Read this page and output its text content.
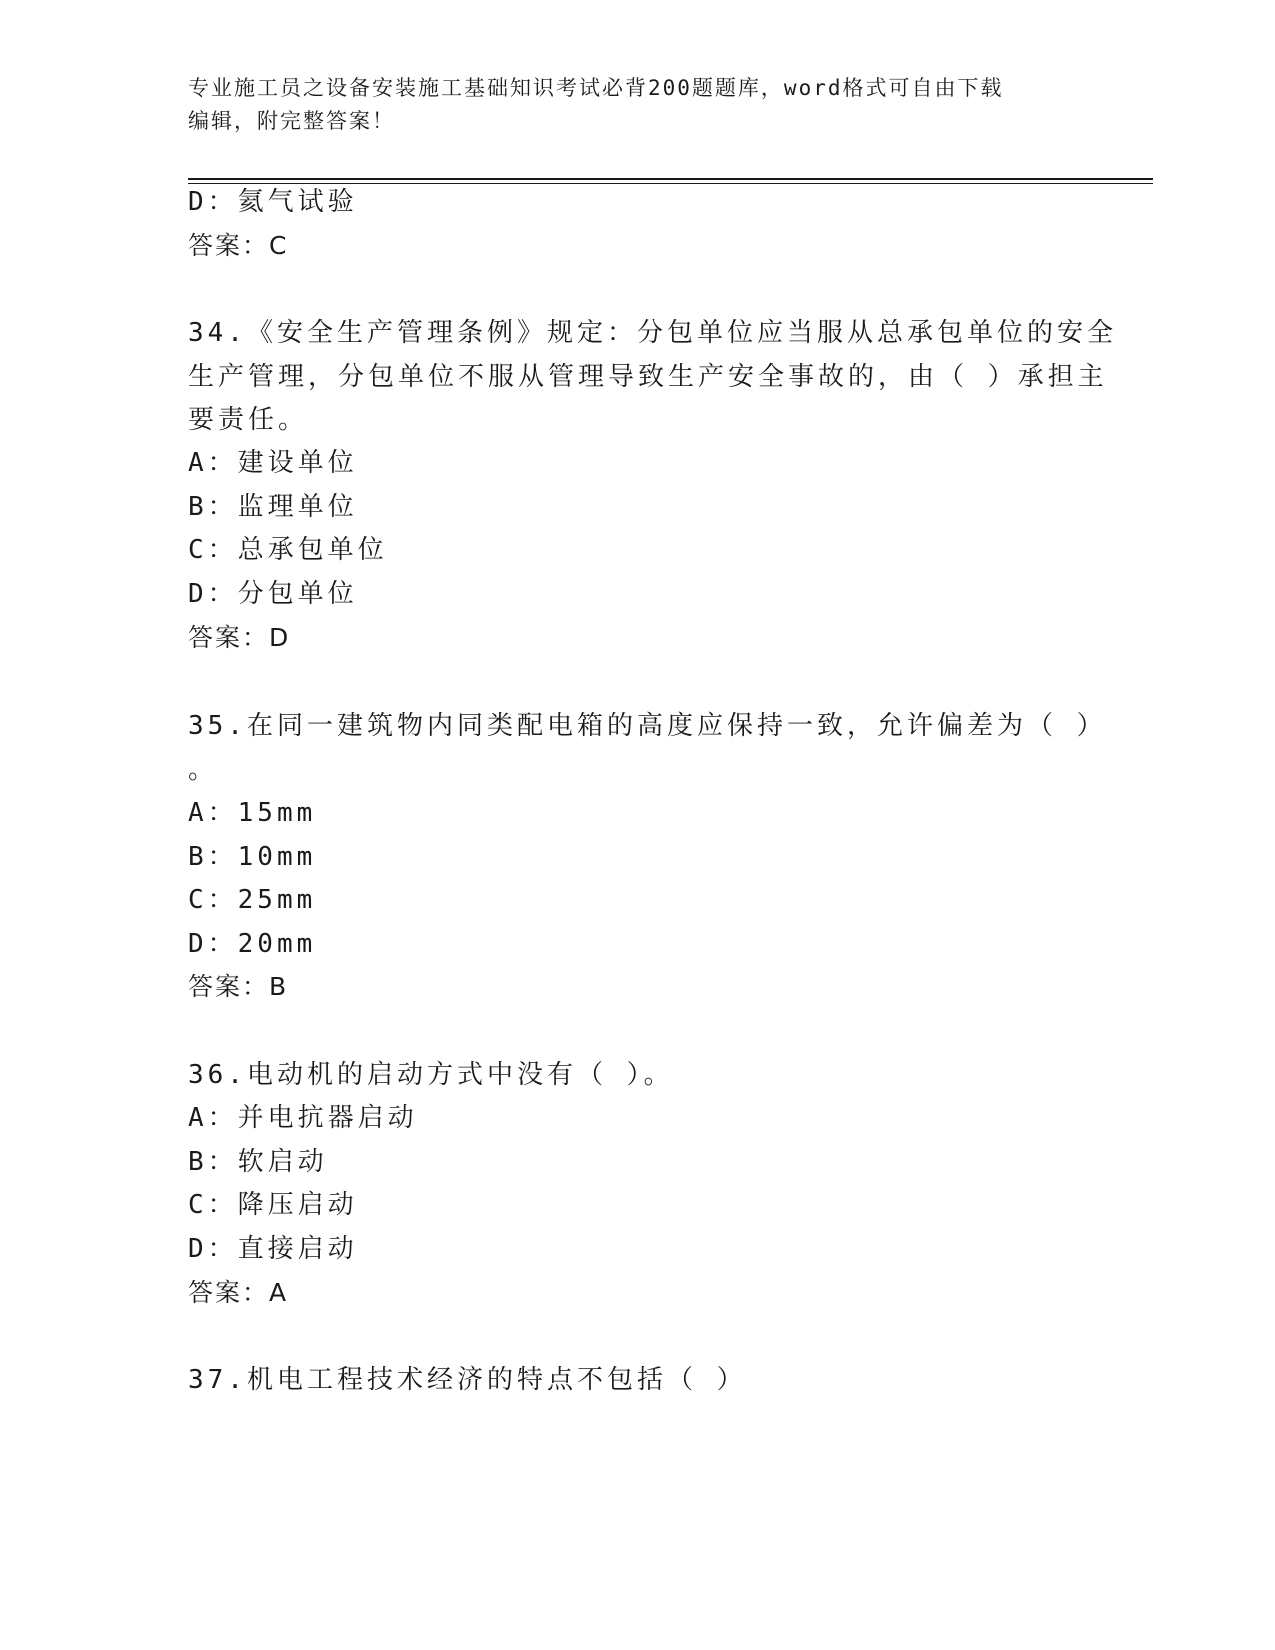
专业施工员之设备安装施工基础知识考试必背200题题库，word格式可自由下载
编辑，附完整答案！
D：氦气试验
答案：C
34.《安全生产管理条例》规定：分包单位应当服从总承包单位的安全
生产管理，分包单位不服从管理导致生产安全事故的，由（ ）承担主
要责任。
A：建设单位
B：监理单位
C：总承包单位
D：分包单位
答案：D
35.在同一建筑物内同类配电箱的高度应保持一致，允许偏差为（ ）
。
A：15mm
B：10mm
C：25mm
D：20mm
答案：B
36.电动机的启动方式中没有（ ）。
A：并电抗器启动
B：软启动
C：降压启动
D：直接启动
答案：A
37.机电工程技术经济的特点不包括（ ）
